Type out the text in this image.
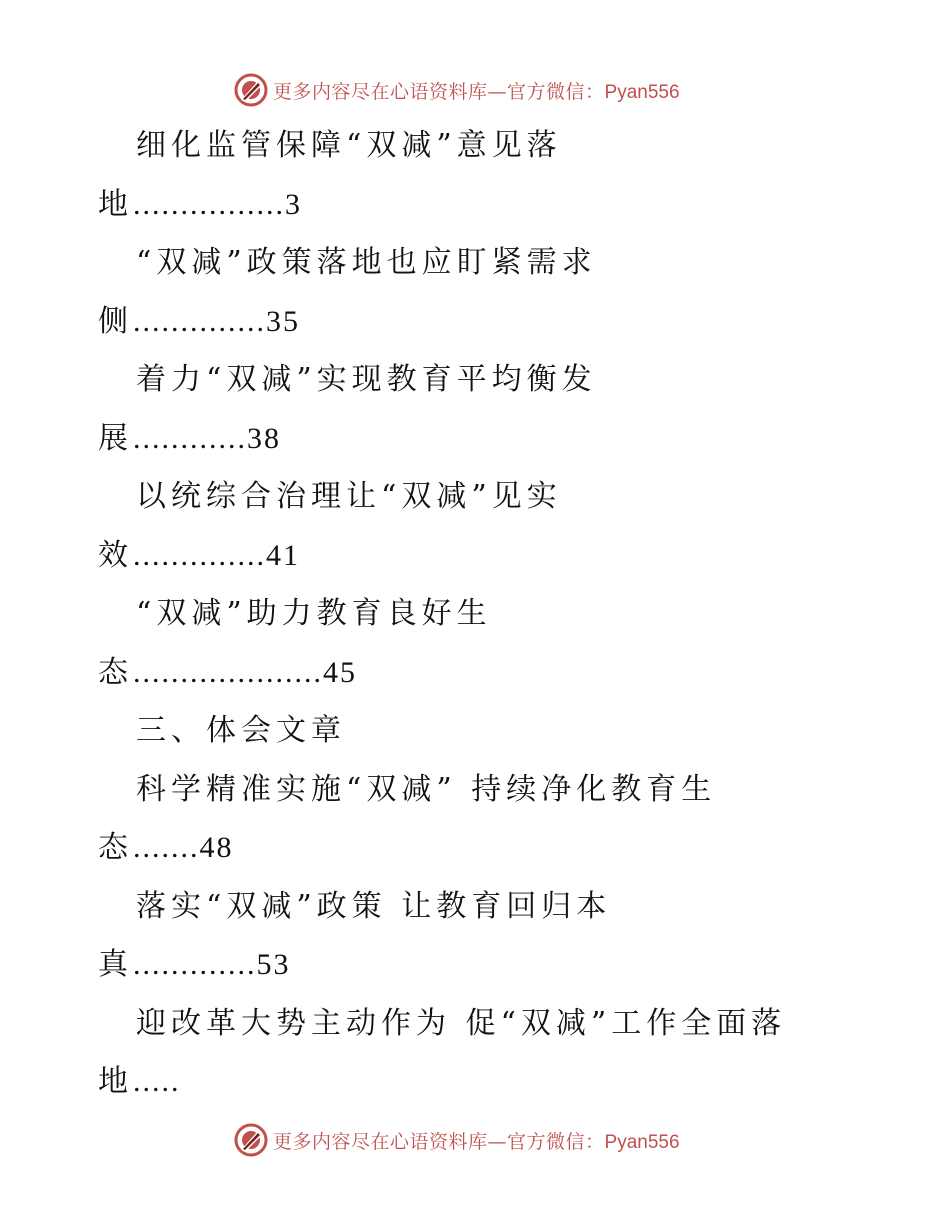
更多内容尽在心语资料库—官方微信：Pyan556
细化监管保障“双减”意见落
地................3
“双减”政策落地也应盯紧需求
侧..............35
着力“双减”实现教育平均衡发
展............38
以统综合治理让“双减”见实
效..............41
“双减”助力教育良好生
态....................45
三、体会文章
科学精准实施“双减” 持续净化教育生
态.......48
落实“双减”政策 让教育回归本
真.............53
迎改革大势主动作为 促“双减”工作全面落
地.....
更多内容尽在心语资料库—官方微信：Pyan556
